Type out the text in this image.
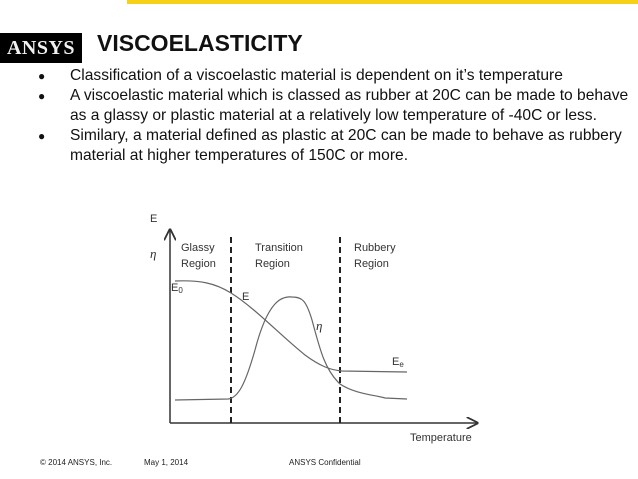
ANSYS VISCOELASTICITY
● Classification of a viscoelastic material is dependent on it’s temperature
● A viscoelastic material which is classed as rubber at 20C can be made to behave as a glassy or plastic material at a relatively low temperature of -40C or less.
● Similary, a material defined as plastic at 20C can be made to behave as rubbery material at higher temperatures of 150C or more.
E
η
Temperature
Glassy
Region
Transition
Region
Rubbery
Region
E0
E
η
Ee
© 2014 ANSYS, Inc.	May 1, 2014	ANSYS Confidential
